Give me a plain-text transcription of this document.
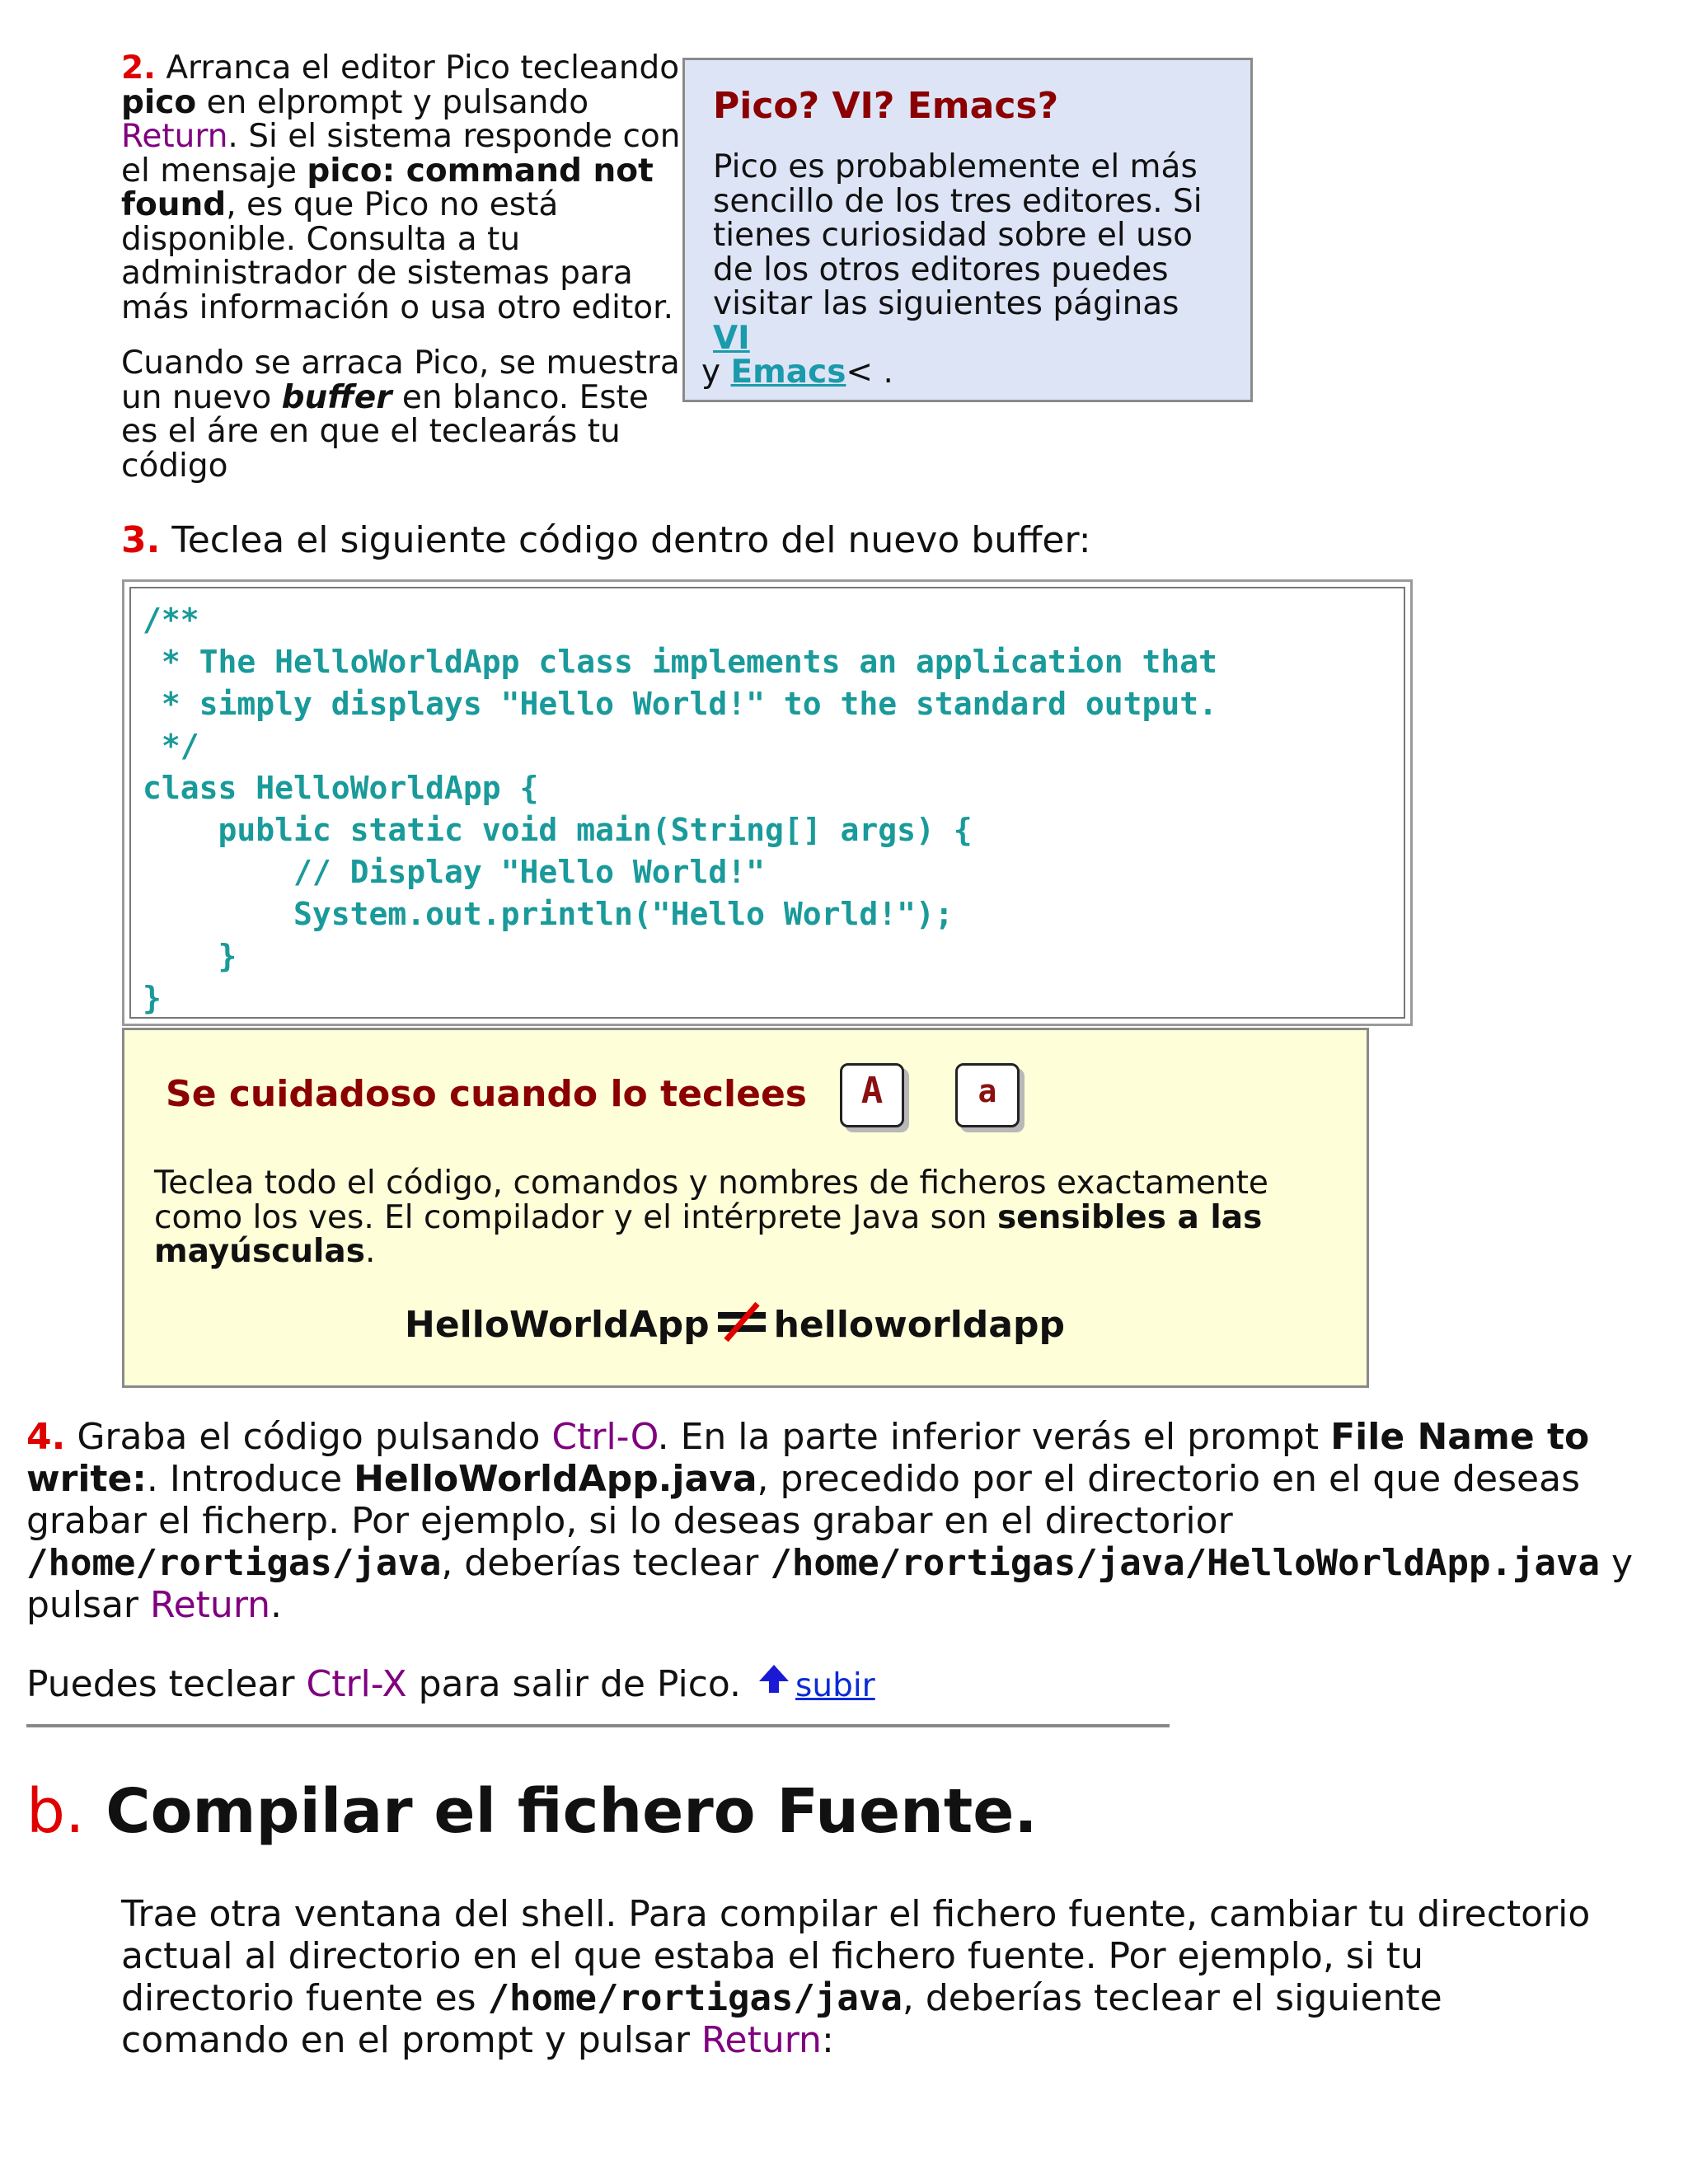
2. Arranca el editor Pico tecleando pico en elprompt y pulsando Return. Si el sistema responde con el mensaje pico: command not found, es que Pico no está disponible. Consulta a tu administrador de sistemas para más información o usa otro editor.

Cuando se arraca Pico, se muestra un nuevo buffer en blanco. Este es el áre en que el teclearás tu código

Pico? VI? Emacs?

Pico es probablemente el más sencillo de los tres editores. Si tienes curiosidad sobre el uso de los otros editores puedes visitar las siguientes páginas VI
y Emacs< .

3. Teclea el siguiente código dentro del nuevo buffer:
/**
* The HelloWorldApp class implements an application that
* simply displays "Hello World!" to the standard output.
*/
class HelloWorldApp {
public static void main(String[] args) {
// Display "Hello World!"
System.out.println("Hello World!");
}
}
Se cuidadoso cuando lo teclees	A	a

Teclea todo el código, comandos y nombres de ficheros exactamente como los ves. El compilador y el intérprete Java son sensibles a las mayúsculas.

HelloWorldApp helloworldapp

4. Graba el código pulsando Ctrl-O. En la parte inferior verás el prompt File Name to write:. Introduce HelloWorldApp.java, precedido por el directorio en el que deseas grabar el ficherp. Por ejemplo, si lo deseas grabar en el directorior /home/rortigas/java, deberías teclear /home/rortigas/java/HelloWorldApp.java y pulsar Return.

Puedes teclear Ctrl-X para salir de Pico. subir

b. Compilar el fichero Fuente.

Trae otra ventana del shell. Para compilar el fichero fuente, cambiar tu directorio actual al directorio en el que estaba el fichero fuente. Por ejemplo, si tu directorio fuente es /home/rortigas/java, deberías teclear el siguiente comando en el prompt y pulsar Return:
